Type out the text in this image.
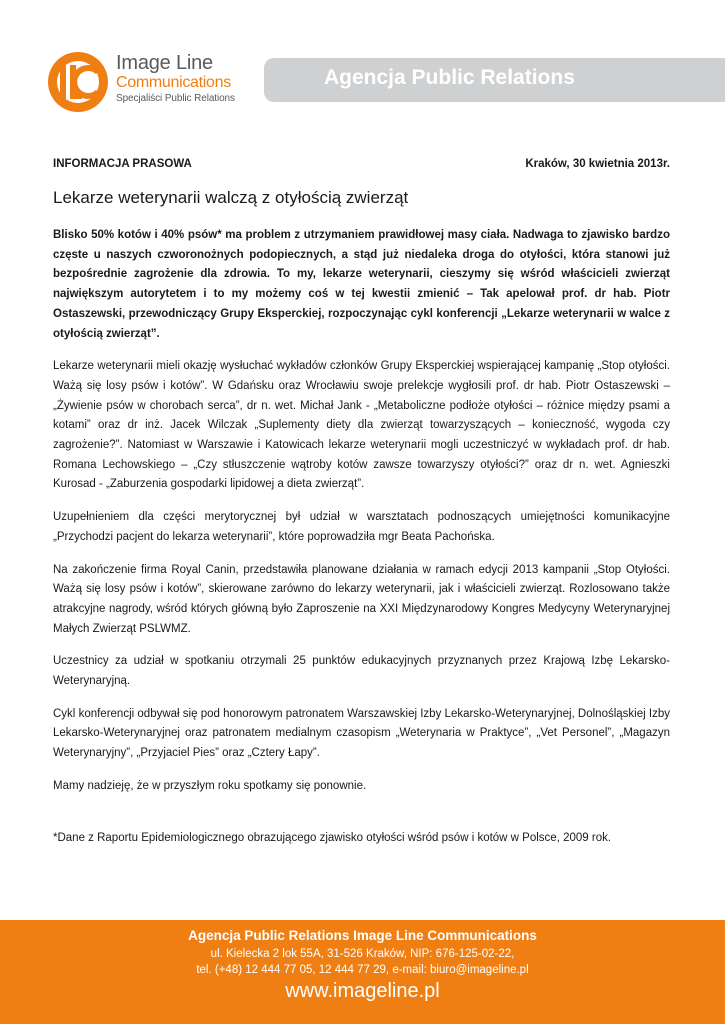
Image Line
Communications
Specjaliści Public Relations
Agencja Public Relations
INFORMACJA PRASOWA	Kraków, 30 kwietnia 2013r.
Lekarze weterynarii walczą z otyłością zwierząt

Blisko 50% kotów i 40% psów* ma problem z utrzymaniem prawidłowej masy ciała. Nadwaga to zjawisko bardzo częste u naszych czworonożnych podopiecznych, a stąd już niedaleka droga do otyłości, która stanowi już bezpośrednie zagrożenie dla zdrowia. To my, lekarze weterynarii, cieszymy się wśród właścicieli zwierząt największym autorytetem i to my możemy coś w tej kwestii zmienić – Tak apelował prof. dr hab. Piotr Ostaszewski, przewodniczący Grupy Eksperckiej, rozpoczynając cykl konferencji „Lekarze weterynarii w walce z otyłością zwierząt”.

Lekarze weterynarii mieli okazję wysłuchać wykładów członków Grupy Eksperckiej wspierającej kampanię „Stop otyłości. Ważą się losy psów i kotów”. W Gdańsku oraz Wrocławiu swoje prelekcje wygłosili prof. dr hab. Piotr Ostaszewski – „Żywienie psów w chorobach serca”, dr n. wet. Michał Jank - „Metaboliczne podłoże otyłości – różnice między psami a kotami” oraz dr inż. Jacek Wilczak „Suplementy diety dla zwierząt towarzyszących – konieczność, wygoda czy zagrożenie?”. Natomiast w Warszawie i Katowicach lekarze weterynarii mogli uczestniczyć w wykładach prof. dr hab. Romana Lechowskiego – „Czy stłuszczenie wątroby kotów zawsze towarzyszy otyłości?” oraz dr n. wet. Agnieszki Kurosad - „Zaburzenia gospodarki lipidowej a dieta zwierząt”.

Uzupełnieniem dla części merytorycznej był udział w warsztatach podnoszących umiejętności komunikacyjne „Przychodzi pacjent do lekarza weterynarii”, które poprowadziła mgr Beata Pachońska.

Na zakończenie firma Royal Canin, przedstawiła planowane działania w ramach edycji 2013 kampanii „Stop Otyłości. Ważą się losy psów i kotów”, skierowane zarówno do lekarzy weterynarii, jak i właścicieli zwierząt. Rozlosowano także atrakcyjne nagrody, wśród których główną było Zaproszenie na XXI Międzynarodowy Kongres Medycyny Weterynaryjnej Małych Zwierząt PSLWMZ.

Uczestnicy za udział w spotkaniu otrzymali 25 punktów edukacyjnych przyznanych przez Krajową Izbę Lekarsko-Weterynaryjną.

Cykl konferencji odbywał się pod honorowym patronatem Warszawskiej Izby Lekarsko-Weterynaryjnej, Dolnośląskiej Izby Lekarsko-Weterynaryjnej oraz patronatem medialnym czasopism „Weterynaria w Praktyce”, „Vet Personel”, „Magazyn Weterynaryjny”, „Przyjaciel Pies” oraz „Cztery Łapy”.

Mamy nadzieję, że w przyszłym roku spotkamy się ponownie.

*Dane z Raportu Epidemiologicznego obrazującego zjawisko otyłości wśród psów i kotów w Polsce, 2009 rok.

Agencja Public Relations Image Line Communications
ul. Kielecka 2 lok 55A, 31-526 Kraków, NIP: 676-125-02-22,
tel. (+48) 12 444 77 05, 12 444 77 29, e-mail: biuro@imageline.pl
www.imageline.pl
